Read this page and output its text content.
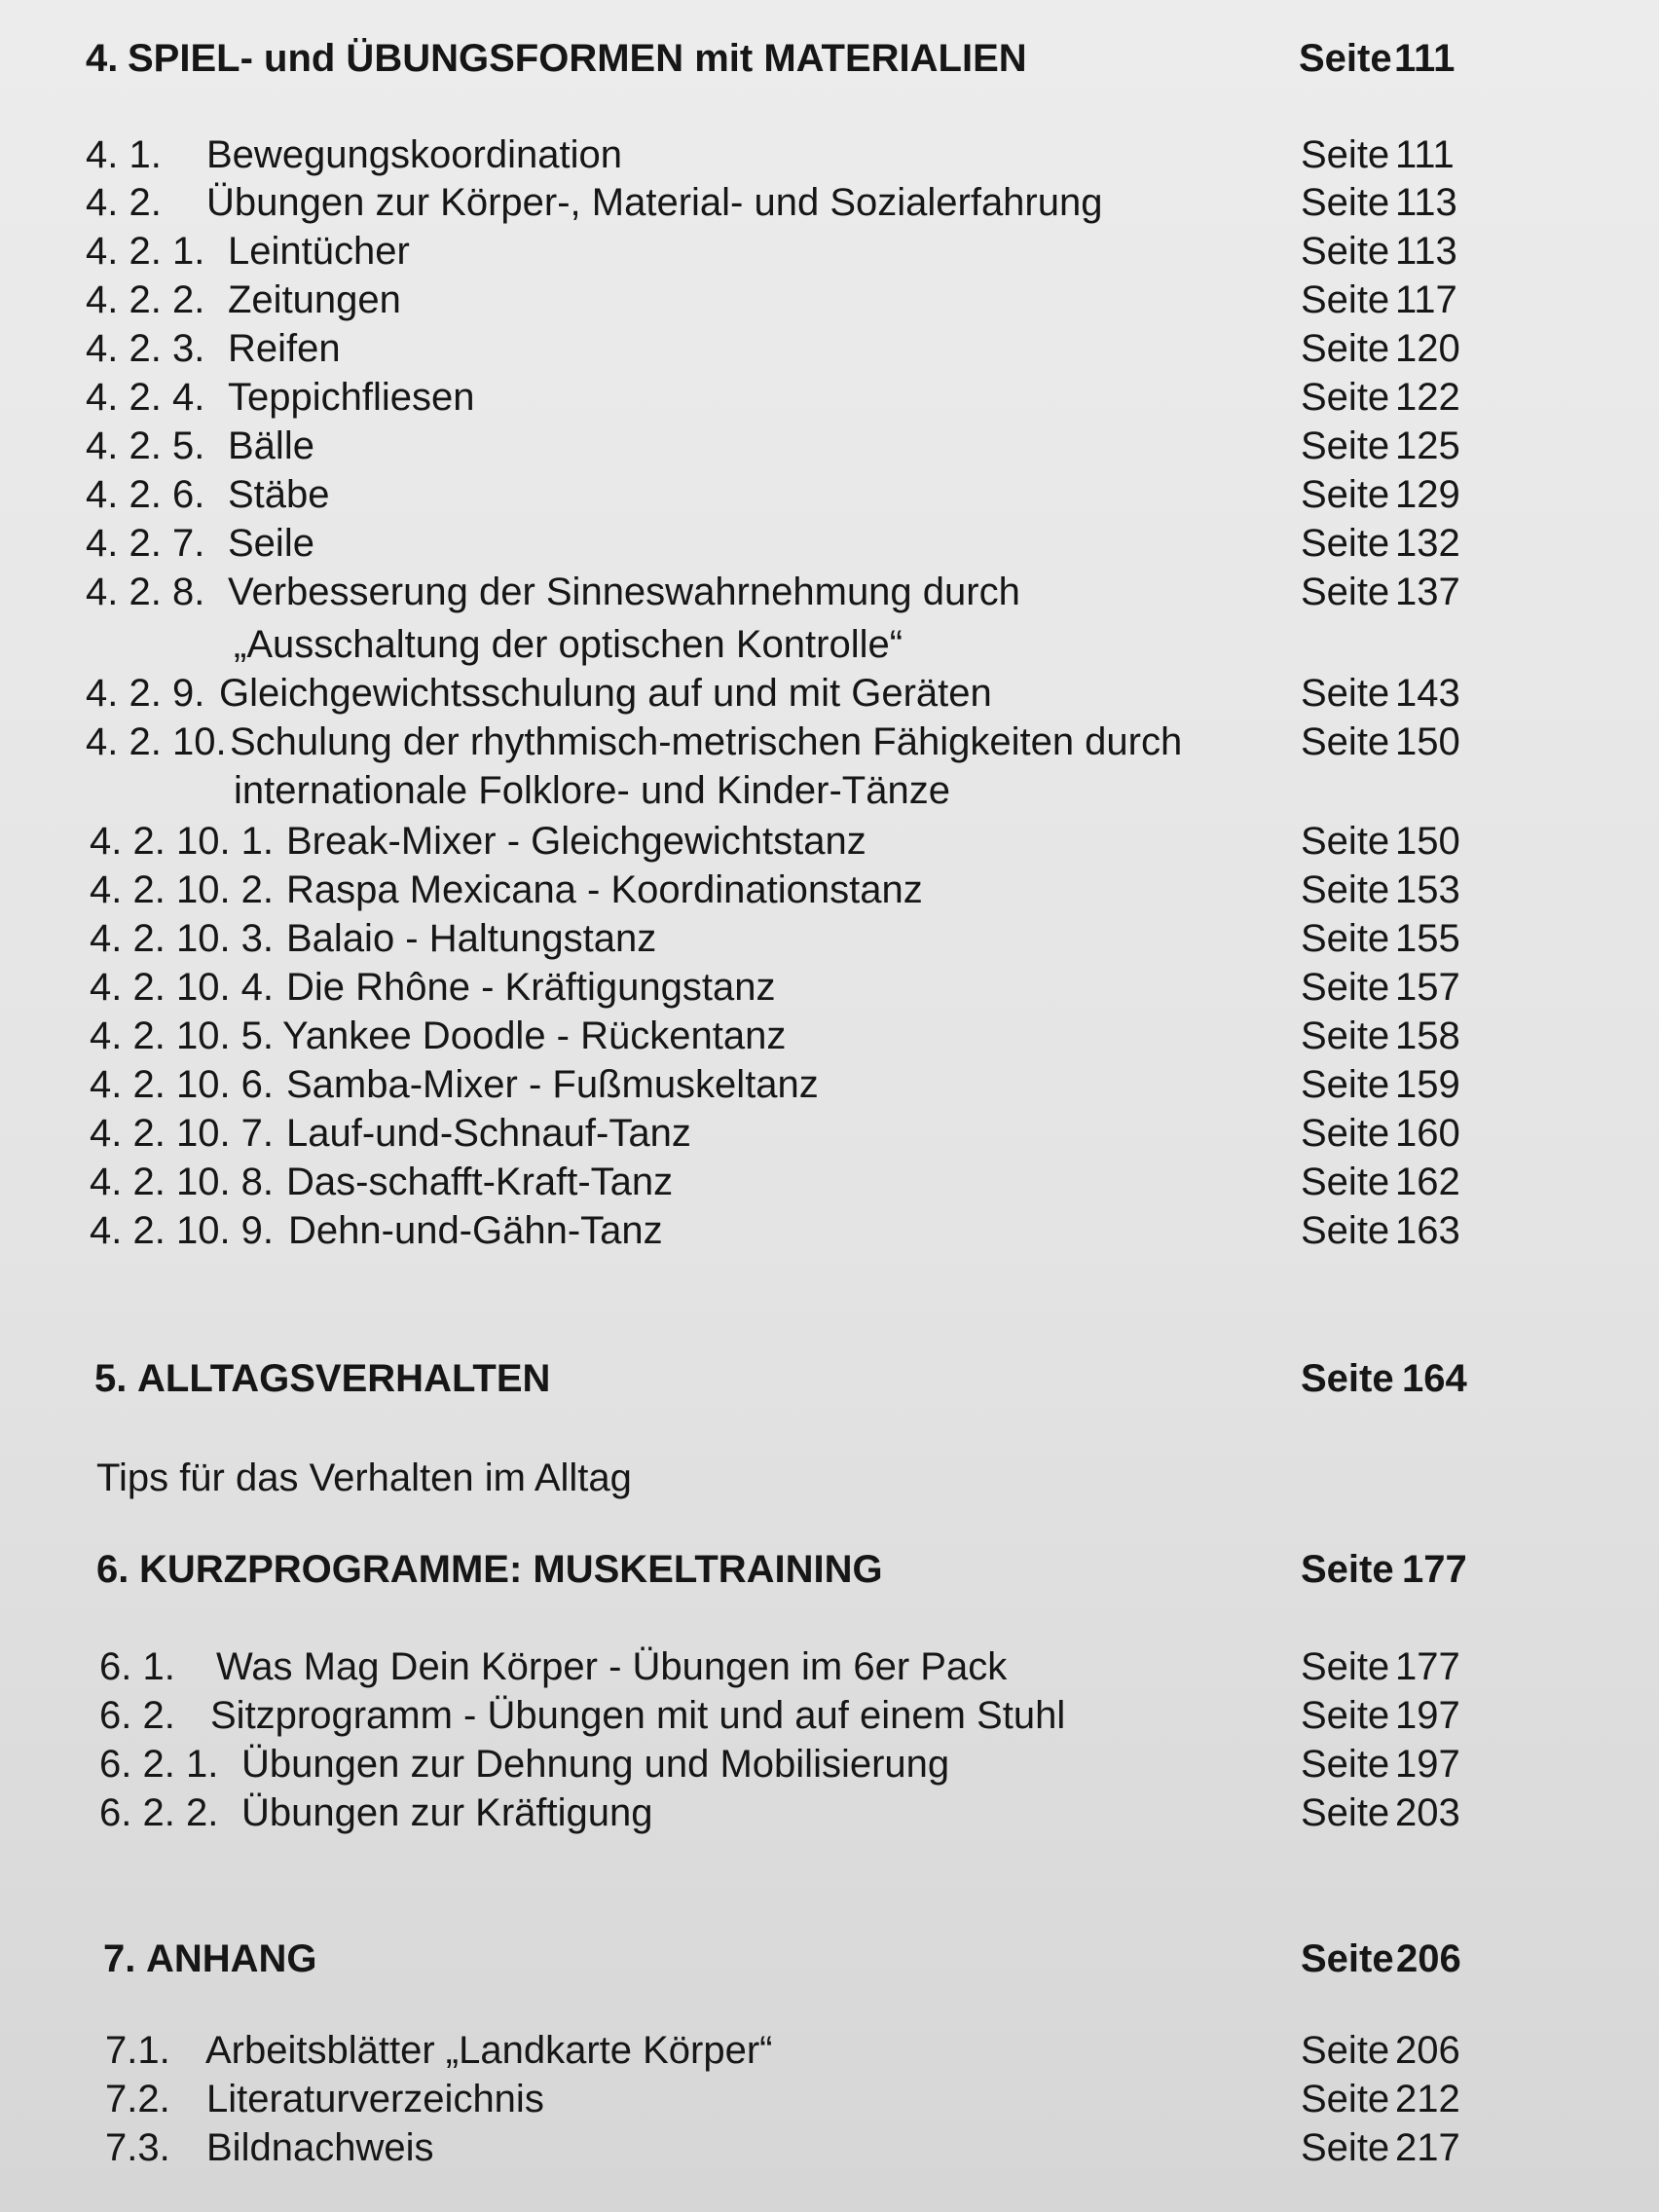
4. SPIEL- und ÜBUNGSFORMEN mit MATERIALIEN	Seite 111
4. 1. Bewegungskoordination	Seite 111
4. 2. Übungen zur Körper-, Material- und Sozialerfahrung	Seite 113
4. 2. 1. Leintücher	Seite 113
4. 2. 2. Zeitungen	Seite 117
4. 2. 3. Reifen	Seite 120
4. 2. 4. Teppichfliesen	Seite 122
4. 2. 5. Bälle	Seite 125
4. 2. 6. Stäbe	Seite 129
4. 2. 7. Seile	Seite 132
4. 2. 8. Verbesserung der Sinneswahrnehmung durch	Seite 137
„Ausschaltung der optischen Kontrolle“
4. 2. 9. Gleichgewichtsschulung auf und mit Geräten	Seite 143
4. 2. 10. Schulung der rhythmisch-metrischen Fähigkeiten durch	Seite 150
internationale Folklore- und Kinder-Tänze
4. 2. 10. 1. Break-Mixer - Gleichgewichtstanz	Seite 150
4. 2. 10. 2. Raspa Mexicana - Koordinationstanz	Seite 153
4. 2. 10. 3. Balaio - Haltungstanz	Seite 155
4. 2. 10. 4. Die Rhône - Kräftigungstanz	Seite 157
4. 2. 10. 5. Yankee Doodle - Rückentanz	Seite 158
4. 2. 10. 6. Samba-Mixer - Fußmuskeltanz	Seite 159
4. 2. 10. 7. Lauf-und-Schnauf-Tanz	Seite 160
4. 2. 10. 8. Das-schafft-Kraft-Tanz	Seite 162
4. 2. 10. 9. Dehn-und-Gähn-Tanz	Seite 163
5. ALLTAGSVERHALTEN	Seite 164
Tips für das Verhalten im Alltag
6. KURZPROGRAMME: MUSKELTRAINING	Seite 177
6. 1. Was Mag Dein Körper - Übungen im 6er Pack	Seite 177
6. 2. Sitzprogramm - Übungen mit und auf einem Stuhl	Seite 197
6. 2. 1. Übungen zur Dehnung und Mobilisierung	Seite 197
6. 2. 2. Übungen zur Kräftigung	Seite 203
7. ANHANG	Seite 206
7.1. Arbeitsblätter „Landkarte Körper“	Seite 206
7.2. Literaturverzeichnis	Seite 212
7.3. Bildnachweis	Seite 217
